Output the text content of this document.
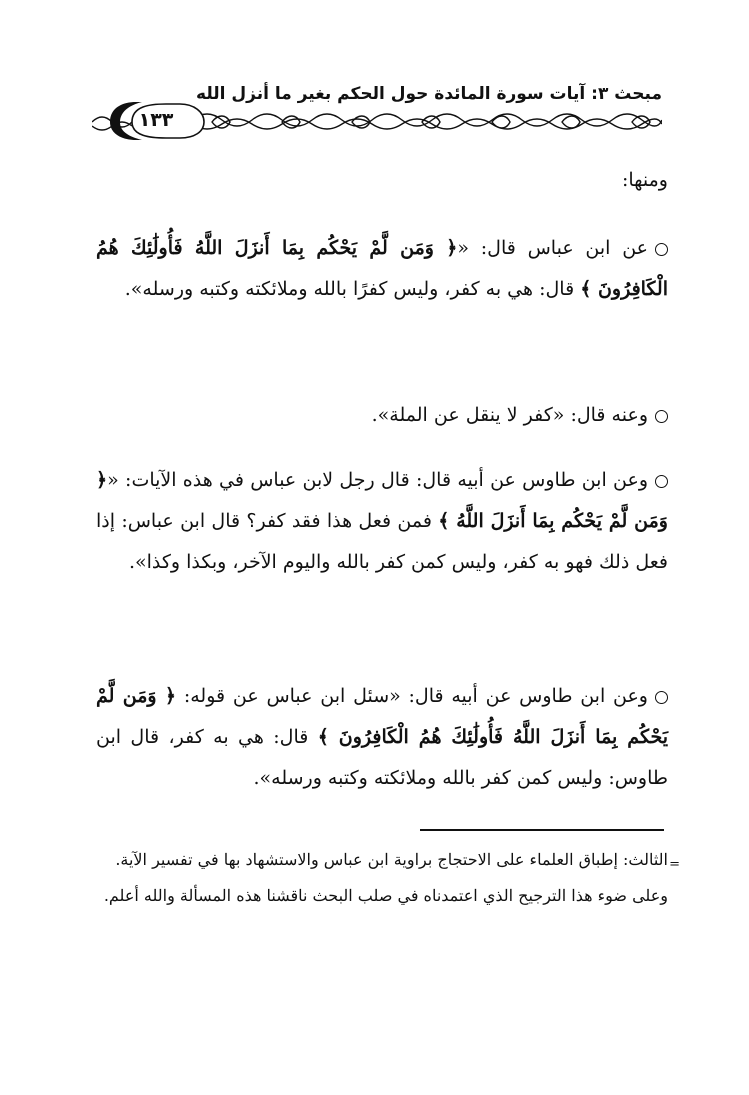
مبحث ٣: آيات سورة المائدة حول الحكم بغير ما أنزل الله
١٣٣
ومنها:
عن ابن عباس قال: «﴿ وَمَن لَّمْ يَحْكُم بِمَا أَنزَلَ اللَّهُ فَأُولَٰئِكَ هُمُ الْكَافِرُونَ ﴾ قال: هي به كفر، وليس كفرًا بالله وملائكته وكتبه ورسله».
وعنه قال: «كفر لا ينقل عن الملة».
وعن ابن طاوس عن أبيه قال: قال رجل لابن عباس في هذه الآيات: «﴿ وَمَن لَّمْ يَحْكُم بِمَا أَنزَلَ اللَّهُ ﴾ فمن فعل هذا فقد كفر؟ قال ابن عباس: إذا فعل ذلك فهو به كفر، وليس كمن كفر بالله واليوم الآخر، وبكذا وكذا».
وعن ابن طاوس عن أبيه قال: «سئل ابن عباس عن قوله: ﴿ وَمَن لَّمْ يَحْكُم بِمَا أَنزَلَ اللَّهُ فَأُولَٰئِكَ هُمُ الْكَافِرُونَ ﴾ قال: هي به كفر، قال ابن طاوس: وليس كمن كفر بالله وملائكته وكتبه ورسله».
=

الثالث: إطباق العلماء على الاحتجاج براوية ابن عباس والاستشهاد بها في تفسير الآية.

وعلى ضوء هذا الترجيح الذي اعتمدناه في صلب البحث ناقشنا هذه المسألة والله أعلم.
